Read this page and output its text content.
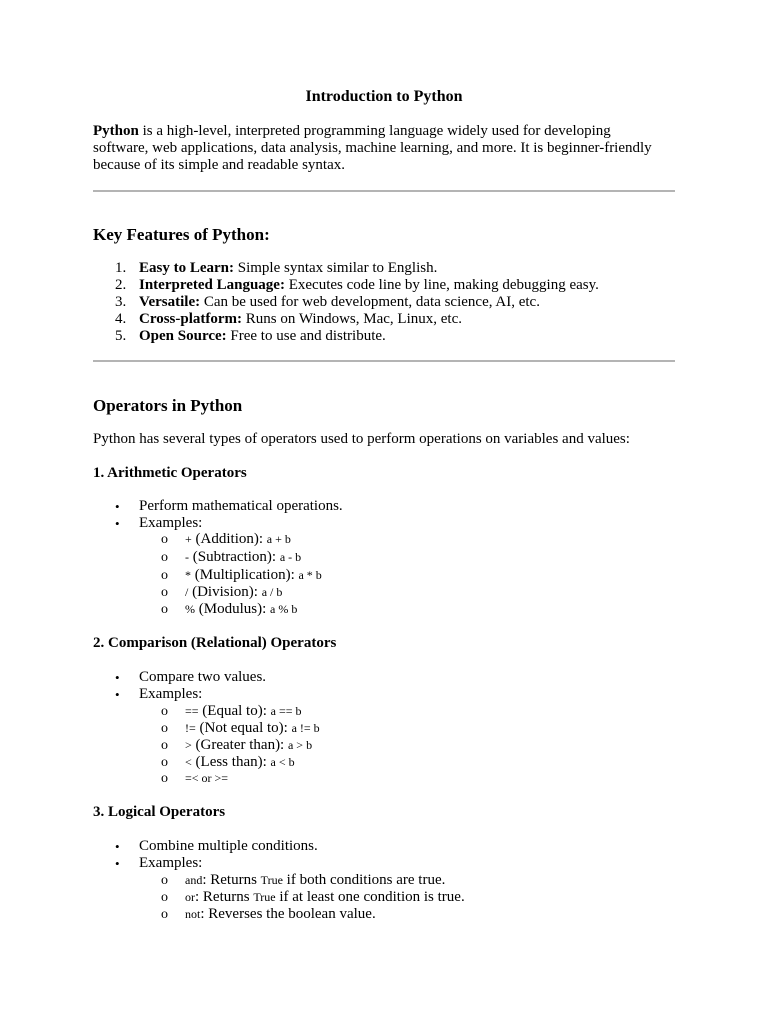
Introduction to Python
Python is a high-level, interpreted programming language widely used for developing
software, web applications, data analysis, machine learning, and more. It is beginner-friendly
because of its simple and readable syntax.
Key Features of Python:
1. Easy to Learn: Simple syntax similar to English.
2. Interpreted Language: Executes code line by line, making debugging easy.
3. Versatile: Can be used for web development, data science, AI, etc.
4. Cross-platform: Runs on Windows, Mac, Linux, etc.
5. Open Source: Free to use and distribute.
Operators in Python
Python has several types of operators used to perform operations on variables and values:
1. Arithmetic Operators
• Perform mathematical operations.
• Examples:
o + (Addition): a + b
o - (Subtraction): a - b
o * (Multiplication): a * b
o / (Division): a / b
o % (Modulus): a % b
2. Comparison (Relational) Operators
• Compare two values.
• Examples:
o == (Equal to): a == b
o != (Not equal to): a != b
o > (Greater than): a > b
o < (Less than): a < b
o =< or >=
3. Logical Operators
• Combine multiple conditions.
• Examples:
o and: Returns True if both conditions are true.
o or: Returns True if at least one condition is true.
o not: Reverses the boolean value.
